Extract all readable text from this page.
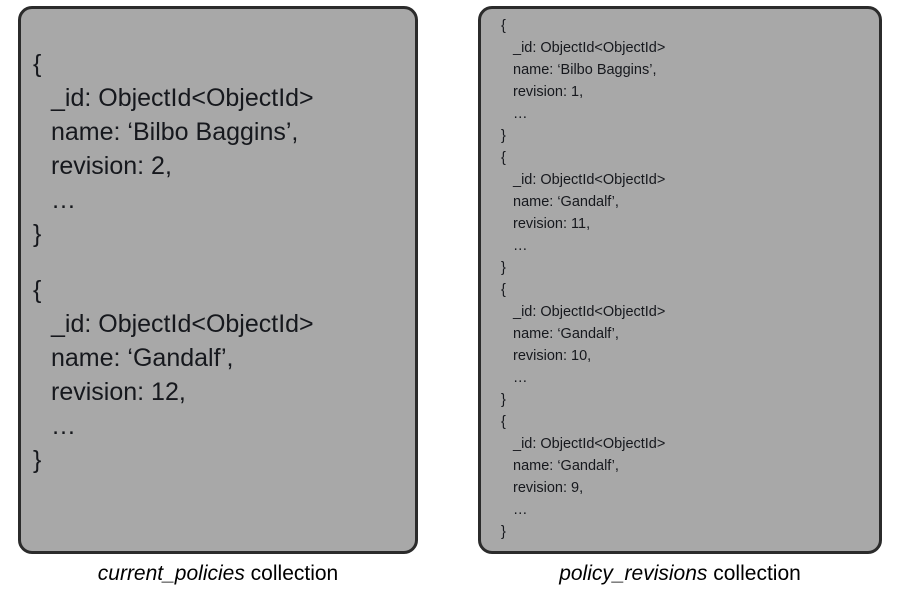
{
_id: ObjectId<ObjectId>
name: ‘Bilbo Baggins’,
revision: 2,
…
}
{
_id: ObjectId<ObjectId>
name: ‘Gandalf’,
revision: 12,
…
}
{
_id: ObjectId<ObjectId>
name: ‘Bilbo Baggins’,
revision: 1,
…
}
{
_id: ObjectId<ObjectId>
name: ‘Gandalf’,
revision: 11,
…
}
{
_id: ObjectId<ObjectId>
name: ‘Gandalf’,
revision: 10,
…
}
{
_id: ObjectId<ObjectId>
name: ‘Gandalf’,
revision: 9,
…
}
current_policies collection	policy_revisions collection
